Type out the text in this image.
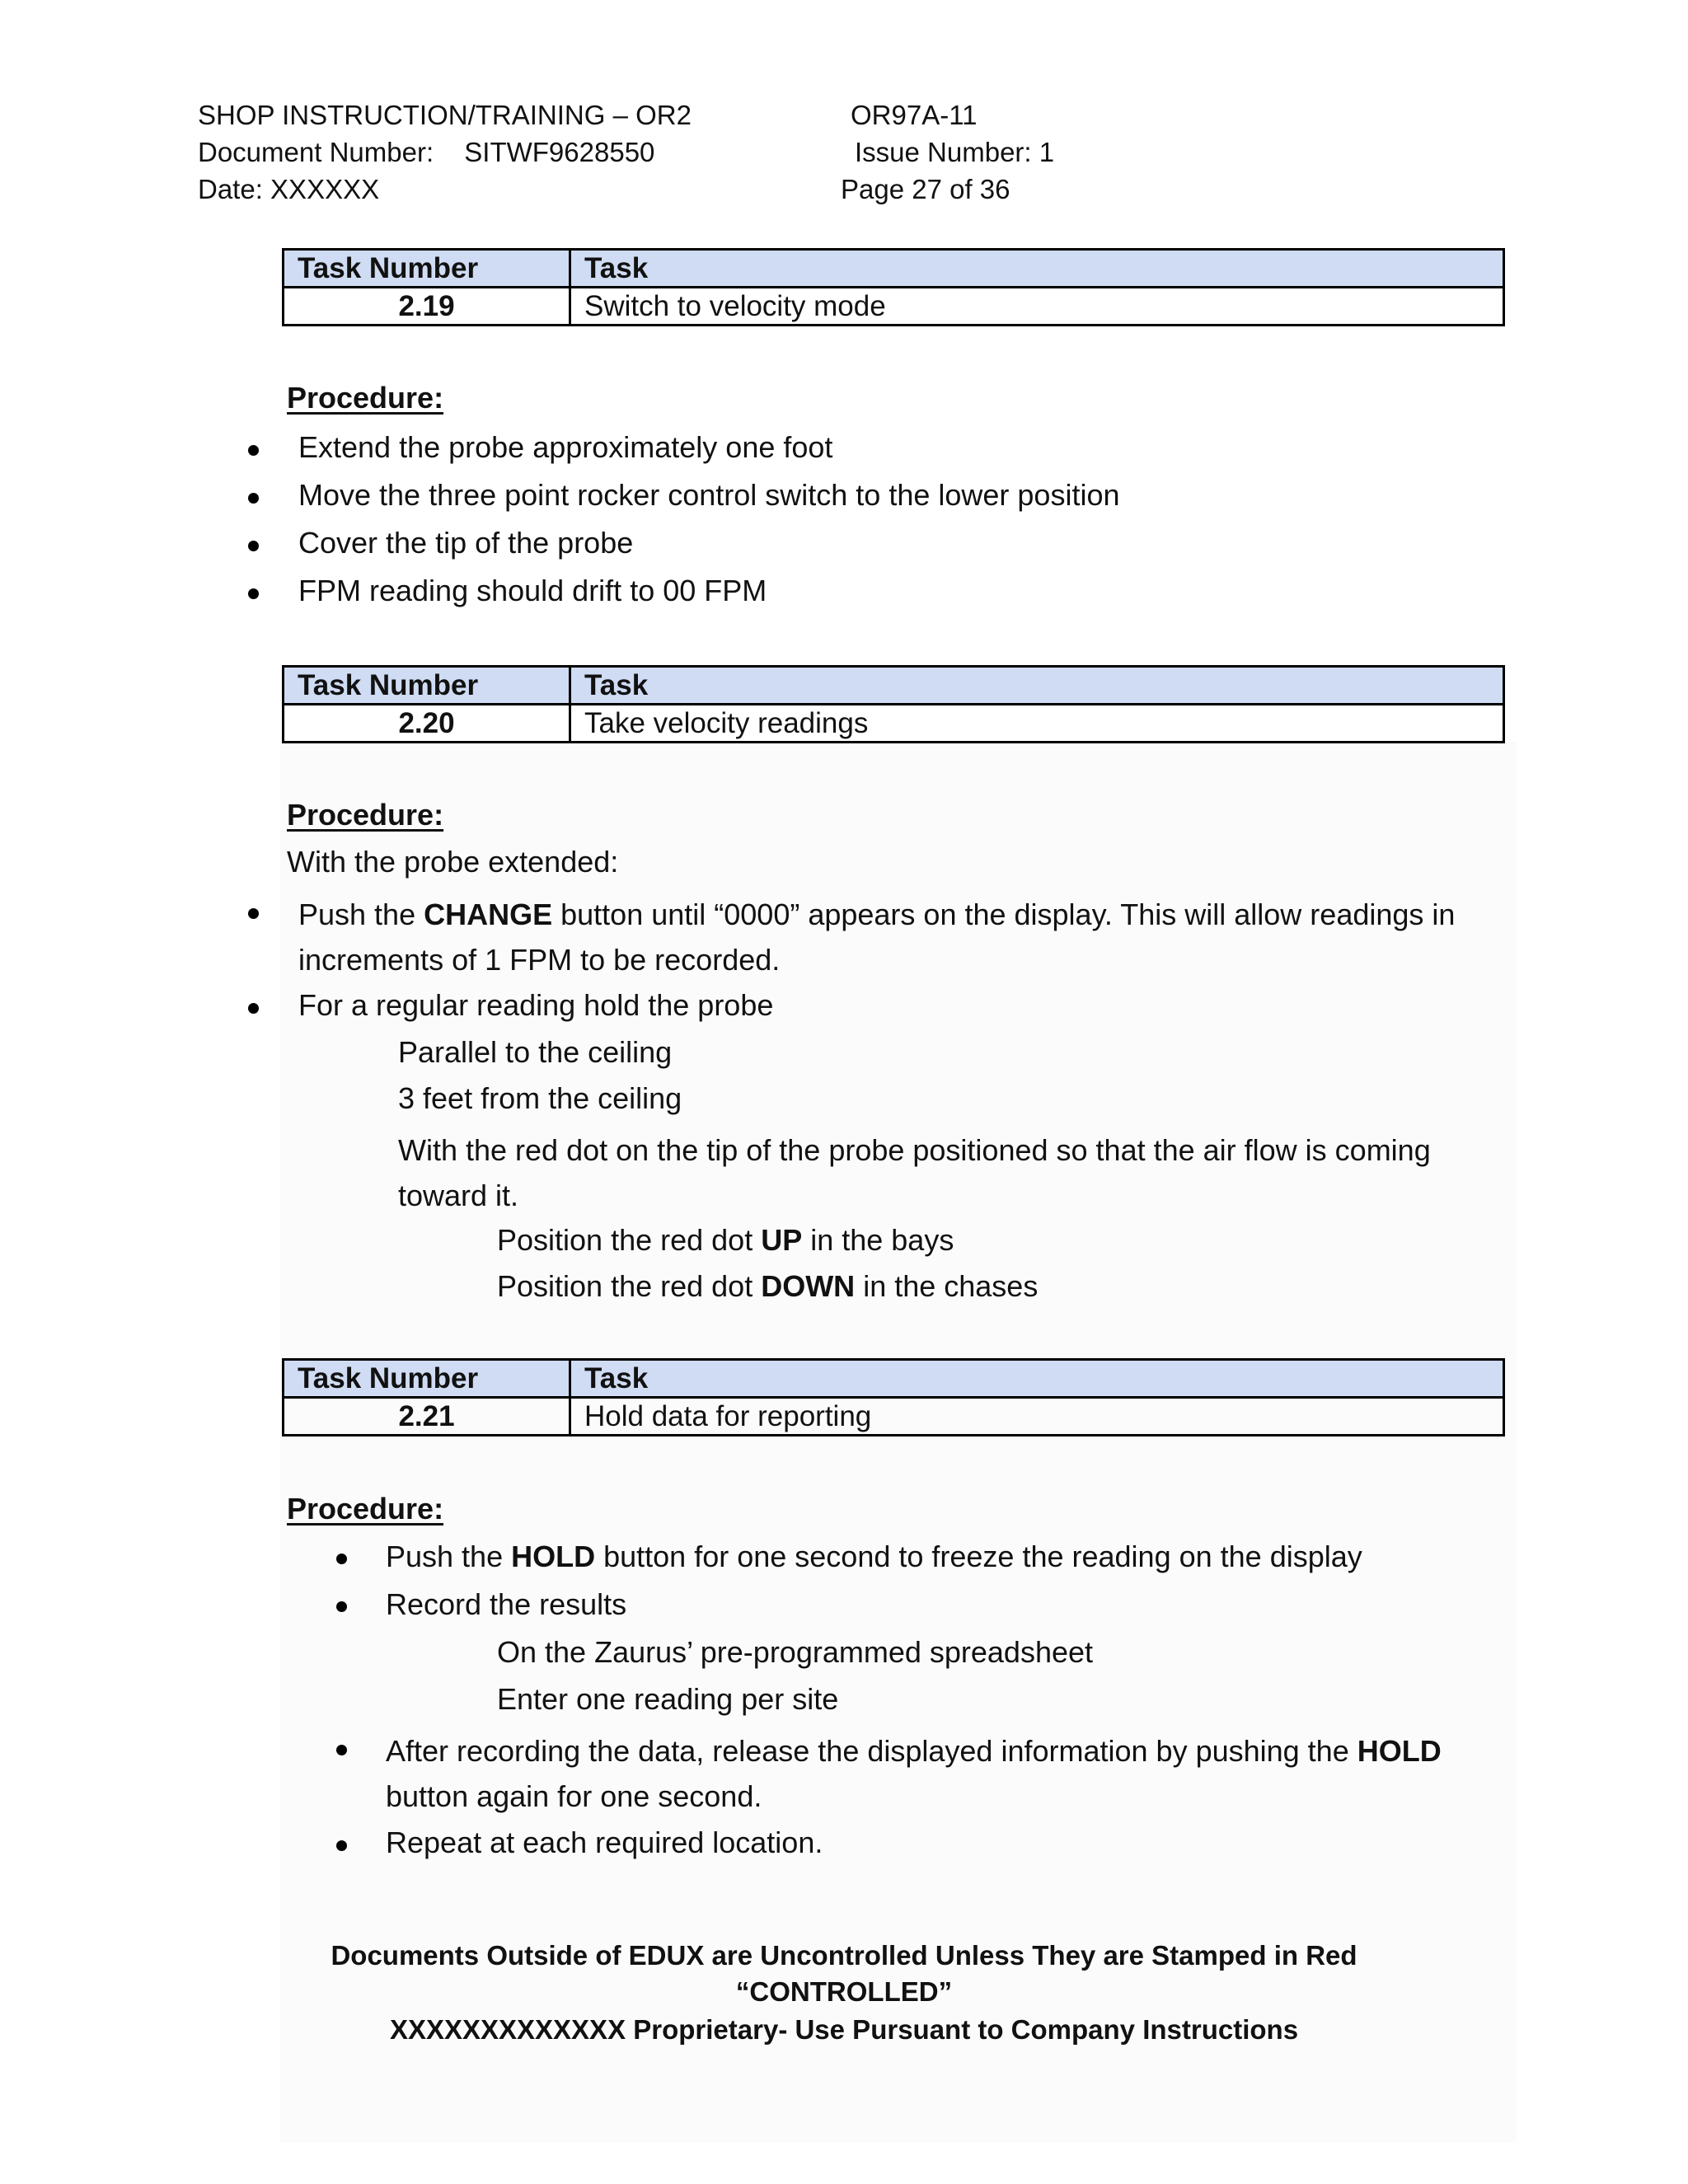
SHOP INSTRUCTION/TRAINING – OR2	OR97A-11
Document Number: SITWF9628550	Issue Number: 1
Date: XXXXXX	Page 27 of 36
Task Number	Task
2.19	Switch to velocity mode
Procedure:
Extend the probe approximately one foot
Move the three point rocker control switch to the lower position
Cover the tip of the probe
FPM reading should drift to 00 FPM
Task Number	Task
2.20	Take velocity readings
Procedure:
With the probe extended:
Push the CHANGE button until “0000” appears on the display. This will allow readings in increments of 1 FPM to be recorded.
For a regular reading hold the probe
Parallel to the ceiling
3 feet from the ceiling
With the red dot on the tip of the probe positioned so that the air flow is coming toward it.
Position the red dot UP in the bays
Position the red dot DOWN in the chases
Task Number	Task
2.21	Hold data for reporting
Procedure:
Push the HOLD button for one second to freeze the reading on the display
Record the results
On the Zaurus’ pre-programmed spreadsheet
Enter one reading per site
After recording the data, release the displayed information by pushing the HOLD button again for one second.
Repeat at each required location.
Documents Outside of EDUX are Uncontrolled Unless They are Stamped in Red
“CONTROLLED”
XXXXXXXXXXXXX Proprietary- Use Pursuant to Company Instructions
